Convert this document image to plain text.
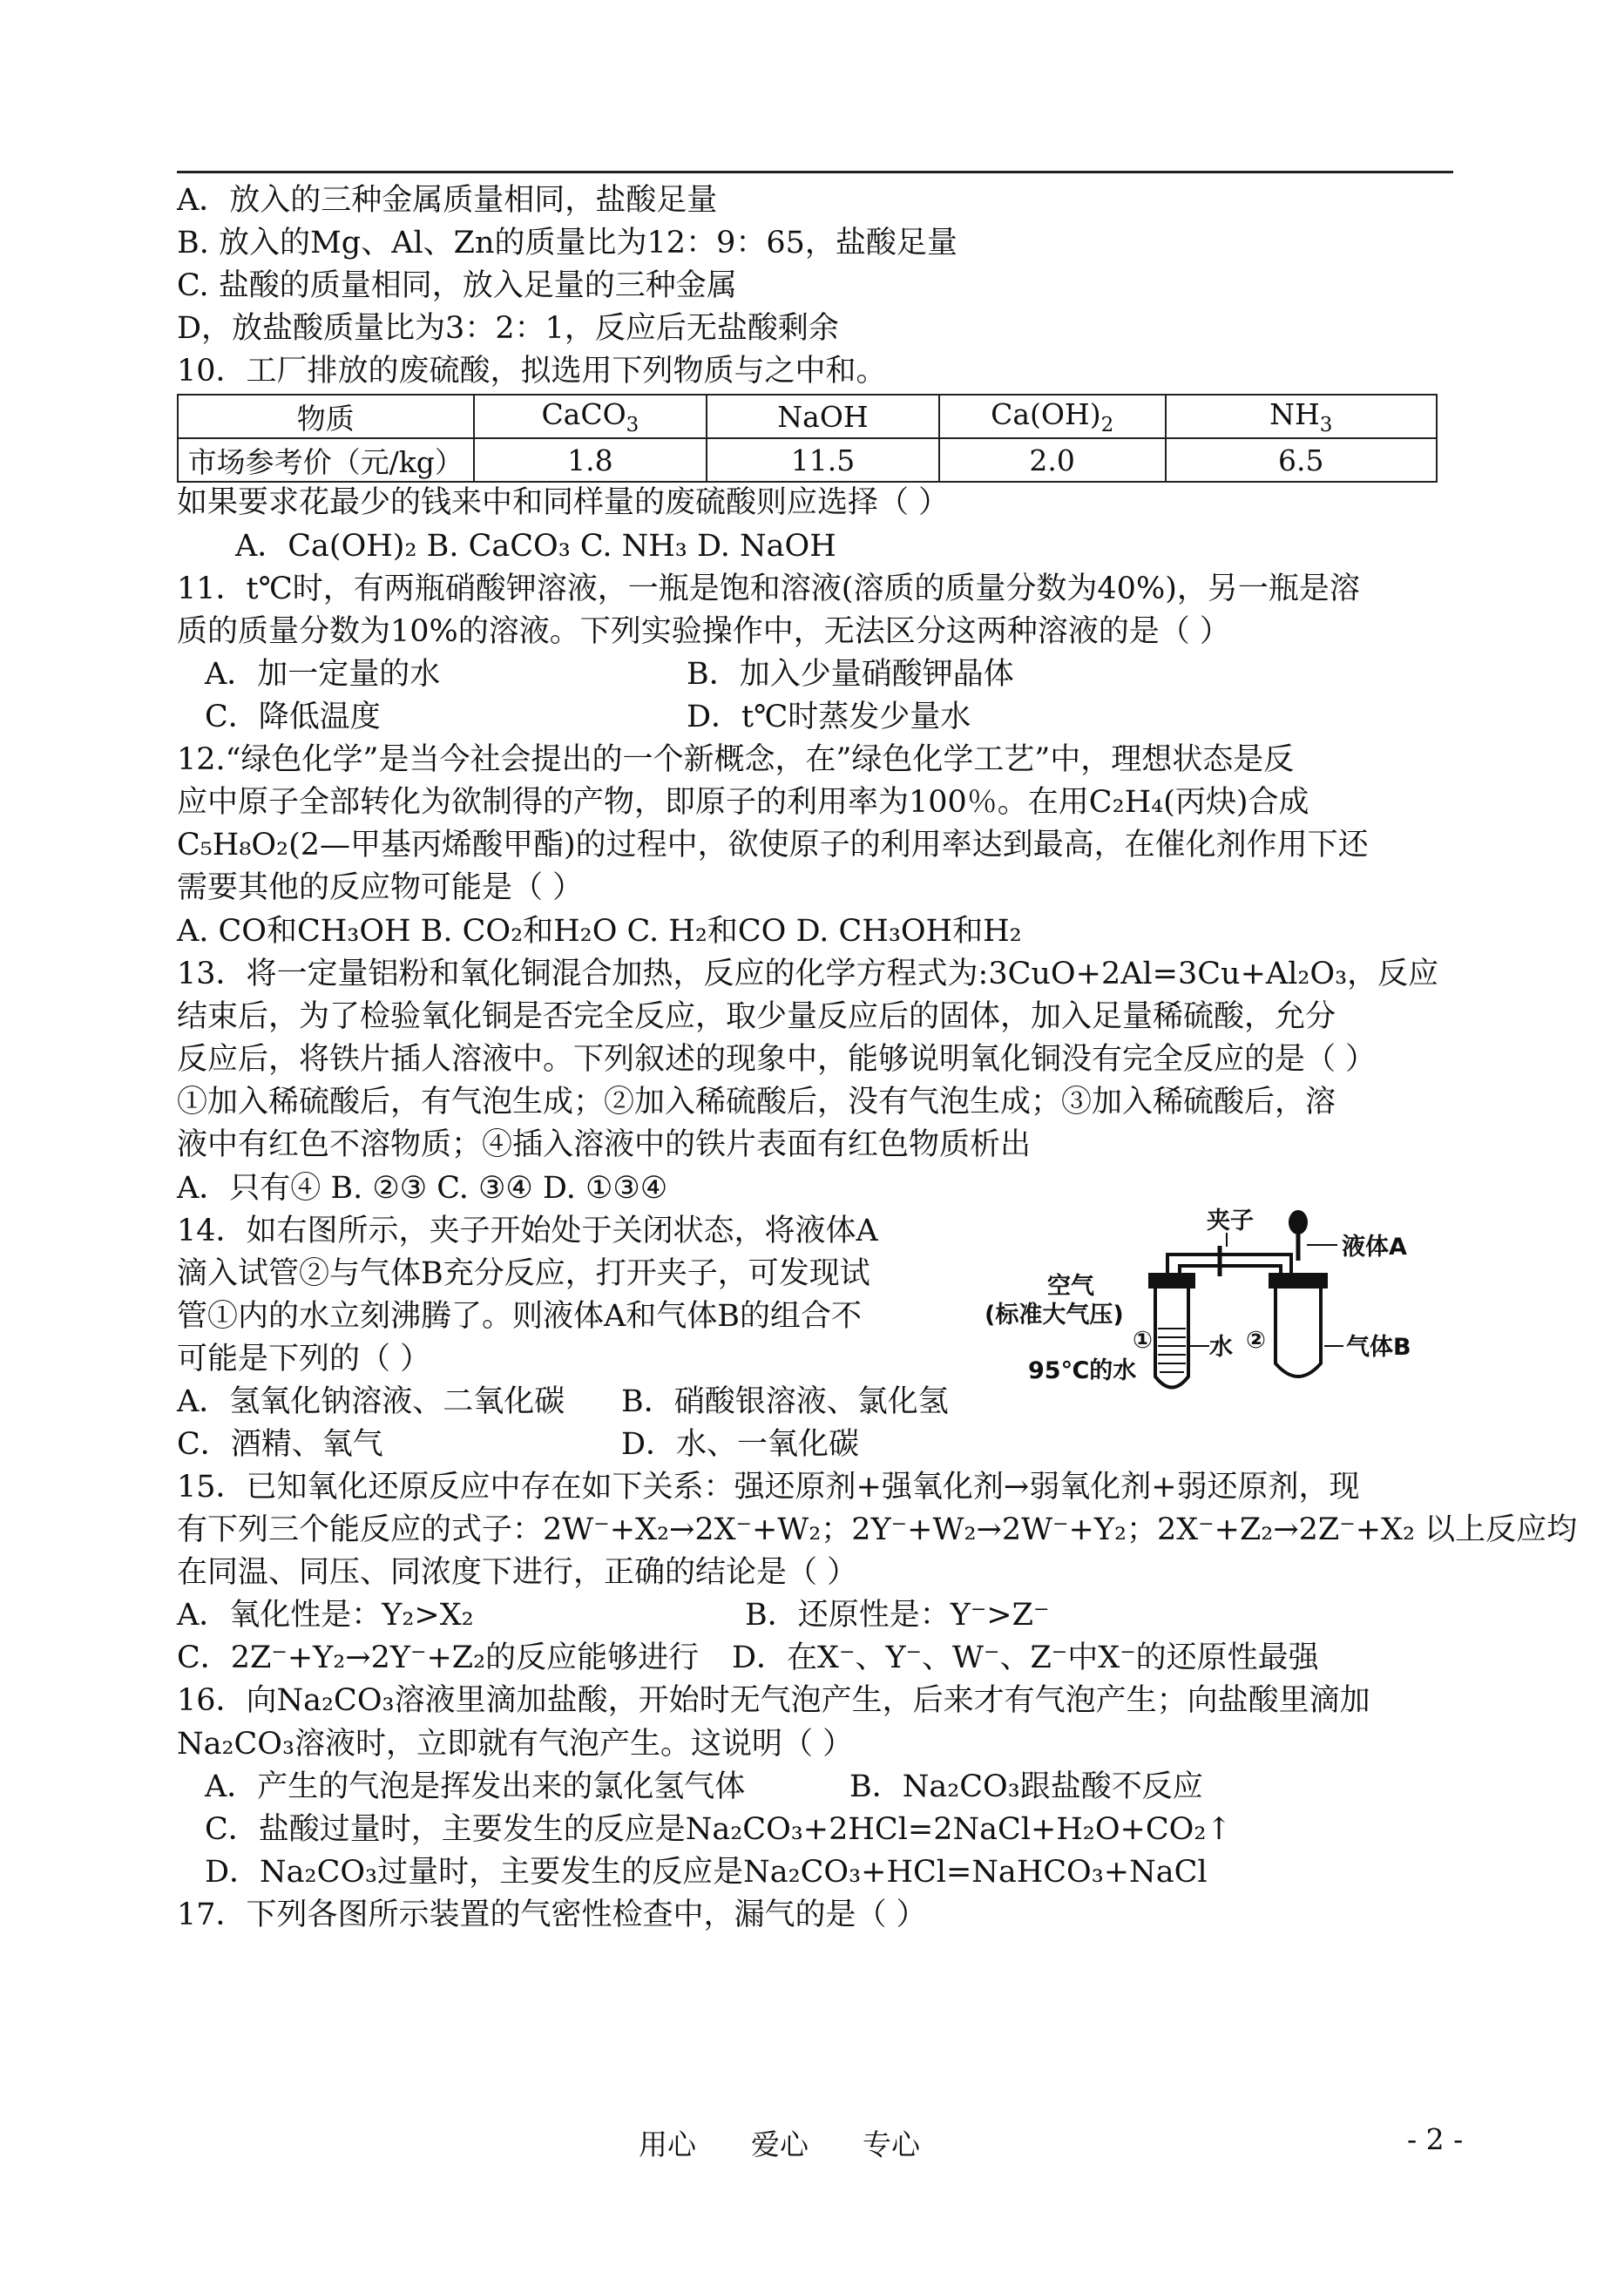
A．放入的三种金属质量相同，盐酸足量
B. 放入的Mg、Al、Zn的质量比为12：9：65，盐酸足量
C. 盐酸的质量相同，放入足量的三种金属
D，放盐酸质量比为3：2：1，反应后无盐酸剩余
10．工厂排放的废硫酸，拟选用下列物质与之中和。
物质	CaCO$_3$	NaOH	$Ca(OH)_2$	$NH_3$
市场参考价（元/kg）	1.8	11.5	2.0	6.5
如果要求花最少的钱来中和同样量的废硫酸则应选择（ ）
A．Ca(OH)₂ B. CaCO₃ C. NH₃ D. NaOH
11．t℃时，有两瓶硝酸钾溶液，一瓶是饱和溶液(溶质的质量分数为40%)，另一瓶是溶
质的质量分数为10%的溶液。下列实验操作中，无法区分这两种溶液的是（ ）
A．加一定量的水	B．加入少量硝酸钾晶体
C．降低温度	D．t℃时蒸发少量水
12.“绿色化学”是当今社会提出的一个新概念，在”绿色化学工艺”中，理想状态是反
应中原子全部转化为欲制得的产物，即原子的利用率为100％。在用C₂H₄(丙炔)合成
C₅H₈O₂(2—甲基丙烯酸甲酯)的过程中，欲使原子的利用率达到最高，在催化剂作用下还
需要其他的反应物可能是（ ）
A. CO和CH₃OH B. CO₂和H₂O C. H₂和CO D. CH₃OH和H₂
13．将一定量铝粉和氧化铜混合加热，反应的化学方程式为:3CuO+2Al=3Cu+Al₂O₃，反应
结束后，为了检验氧化铜是否完全反应，取少量反应后的固体，加入足量稀硫酸，允分
反应后，将铁片插人溶液中。下列叙述的现象中，能够说明氧化铜没有完全反应的是（ ）
①加入稀硫酸后，有气泡生成；②加入稀硫酸后，没有气泡生成；③加入稀硫酸后，溶
液中有红色不溶物质；④插入溶液中的铁片表面有红色物质析出
A．只有④ B. ②③ C. ③④ D. ①③④
14．如右图所示，夹子开始处于关闭状态，将液体A
滴入试管②与气体B充分反应，打开夹子，可发现试
管①内的水立刻沸腾了。则液体A和气体B的组合不
可能是下列的（ ）
A．氢氧化钠溶液、二氧化碳 B．硝酸银溶液、氯化氢
C．酒精、氧气	D．水、一氧化碳
夹子
液体A
空气
(标准大气压)
①	②
水
95℃的水
气体B
15．已知氧化还原反应中存在如下关系：强还原剂+强氧化剂→弱氧化剂+弱还原剂，现
有下列三个能反应的式子：2W⁻+X₂→2X⁻+W₂；2Y⁻+W₂→2W⁻+Y₂；2X⁻+Z₂→2Z⁻+X₂ 以上反应均
在同温、同压、同浓度下进行，正确的结论是（ ）
A．氧化性是：Y₂>X₂	B．还原性是：Y⁻>Z⁻
C．2Z⁻+Y₂→2Y⁻+Z₂的反应能够进行 D．在X⁻、Y⁻、W⁻、Z⁻中X⁻的还原性最强
16．向Na₂CO₃溶液里滴加盐酸，开始时无气泡产生，后来才有气泡产生；向盐酸里滴加
Na₂CO₃溶液时，立即就有气泡产生。这说明（ ）
A．产生的气泡是挥发出来的氯化氢气体	B．Na₂CO₃跟盐酸不反应
C．盐酸过量时，主要发生的反应是Na₂CO₃+2HCl=2NaCl+H₂O+CO₂↑
D．Na₂CO₃过量时，主要发生的反应是Na₂CO₃+HCl=NaHCO₃+NaCl
17．下列各图所示装置的气密性检查中，漏气的是（ ）
用心 爱心 专心	- 2 -
